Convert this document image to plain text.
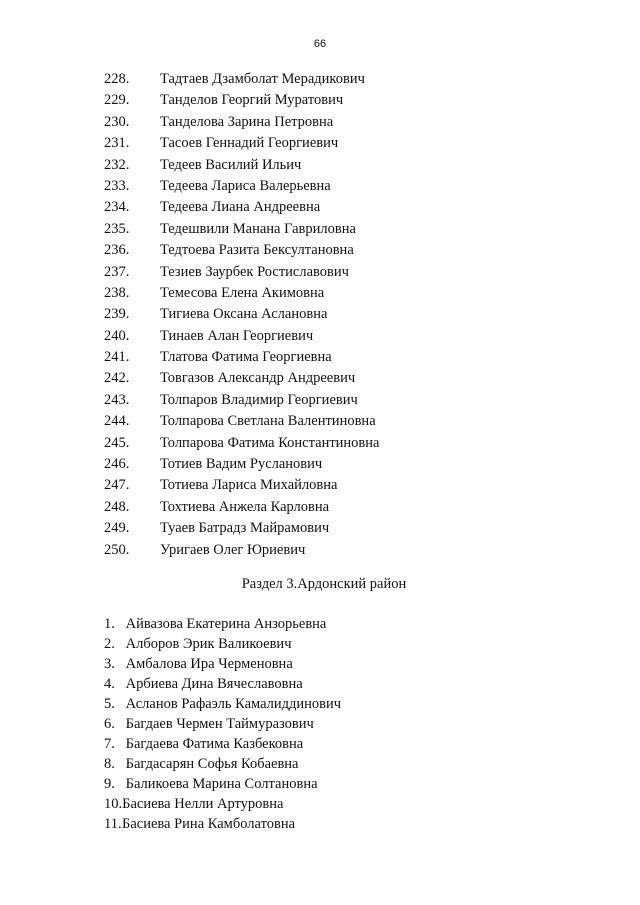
66
228.	Тадтаев Дзамболат Мерадикович
229.	Танделов Георгий Муратович
230.	Танделова Зарина Петровна
231.	Тасоев Геннадий Георгиевич
232.	Тедеев Василий Ильич
233.	Тедеева Лариса Валерьевна
234.	Тедеева Лиана Андреевна
235.	Тедешвили Манана Гавриловна
236.	Тедтоева Разита Бексултановна
237.	Тезиев Заурбек Ростиславович
238.	Темесова Елена Акимовна
239.	Тигиева Оксана Аслановна
240.	Тинаев Алан Георгиевич
241.	Тлатова Фатима Георгиевна
242.	Товгазов Александр Андреевич
243.	Толпаров Владимир Георгиевич
244.	Толпарова Светлана Валентиновна
245.	Толпарова Фатима Константиновна
246.	Тотиев Вадим Русланович
247.	Тотиева Лариса Михайловна
248.	Тохтиева Анжела Карловна
249.	Туаев Батрадз Майрамович
250.	Уригаев Олег Юриевич
Раздел 3.Ардонский район
1. Айвазова Екатерина Анзорьевна
2. Алборов Эрик Валикоевич
3. Амбалова Ира Черменовна
4. Арбиева Дина Вячеславовна
5. Асланов Рафаэль Камалиддинович
6. Багдаев Чермен Таймуразович
7. Багдаева Фатима Казбековна
8. Багдасарян Софья Кобаевна
9. Баликоева Марина Солтановна
10.Басиева Нелли Артуровна
11.Басиева Рина Камболатовна
